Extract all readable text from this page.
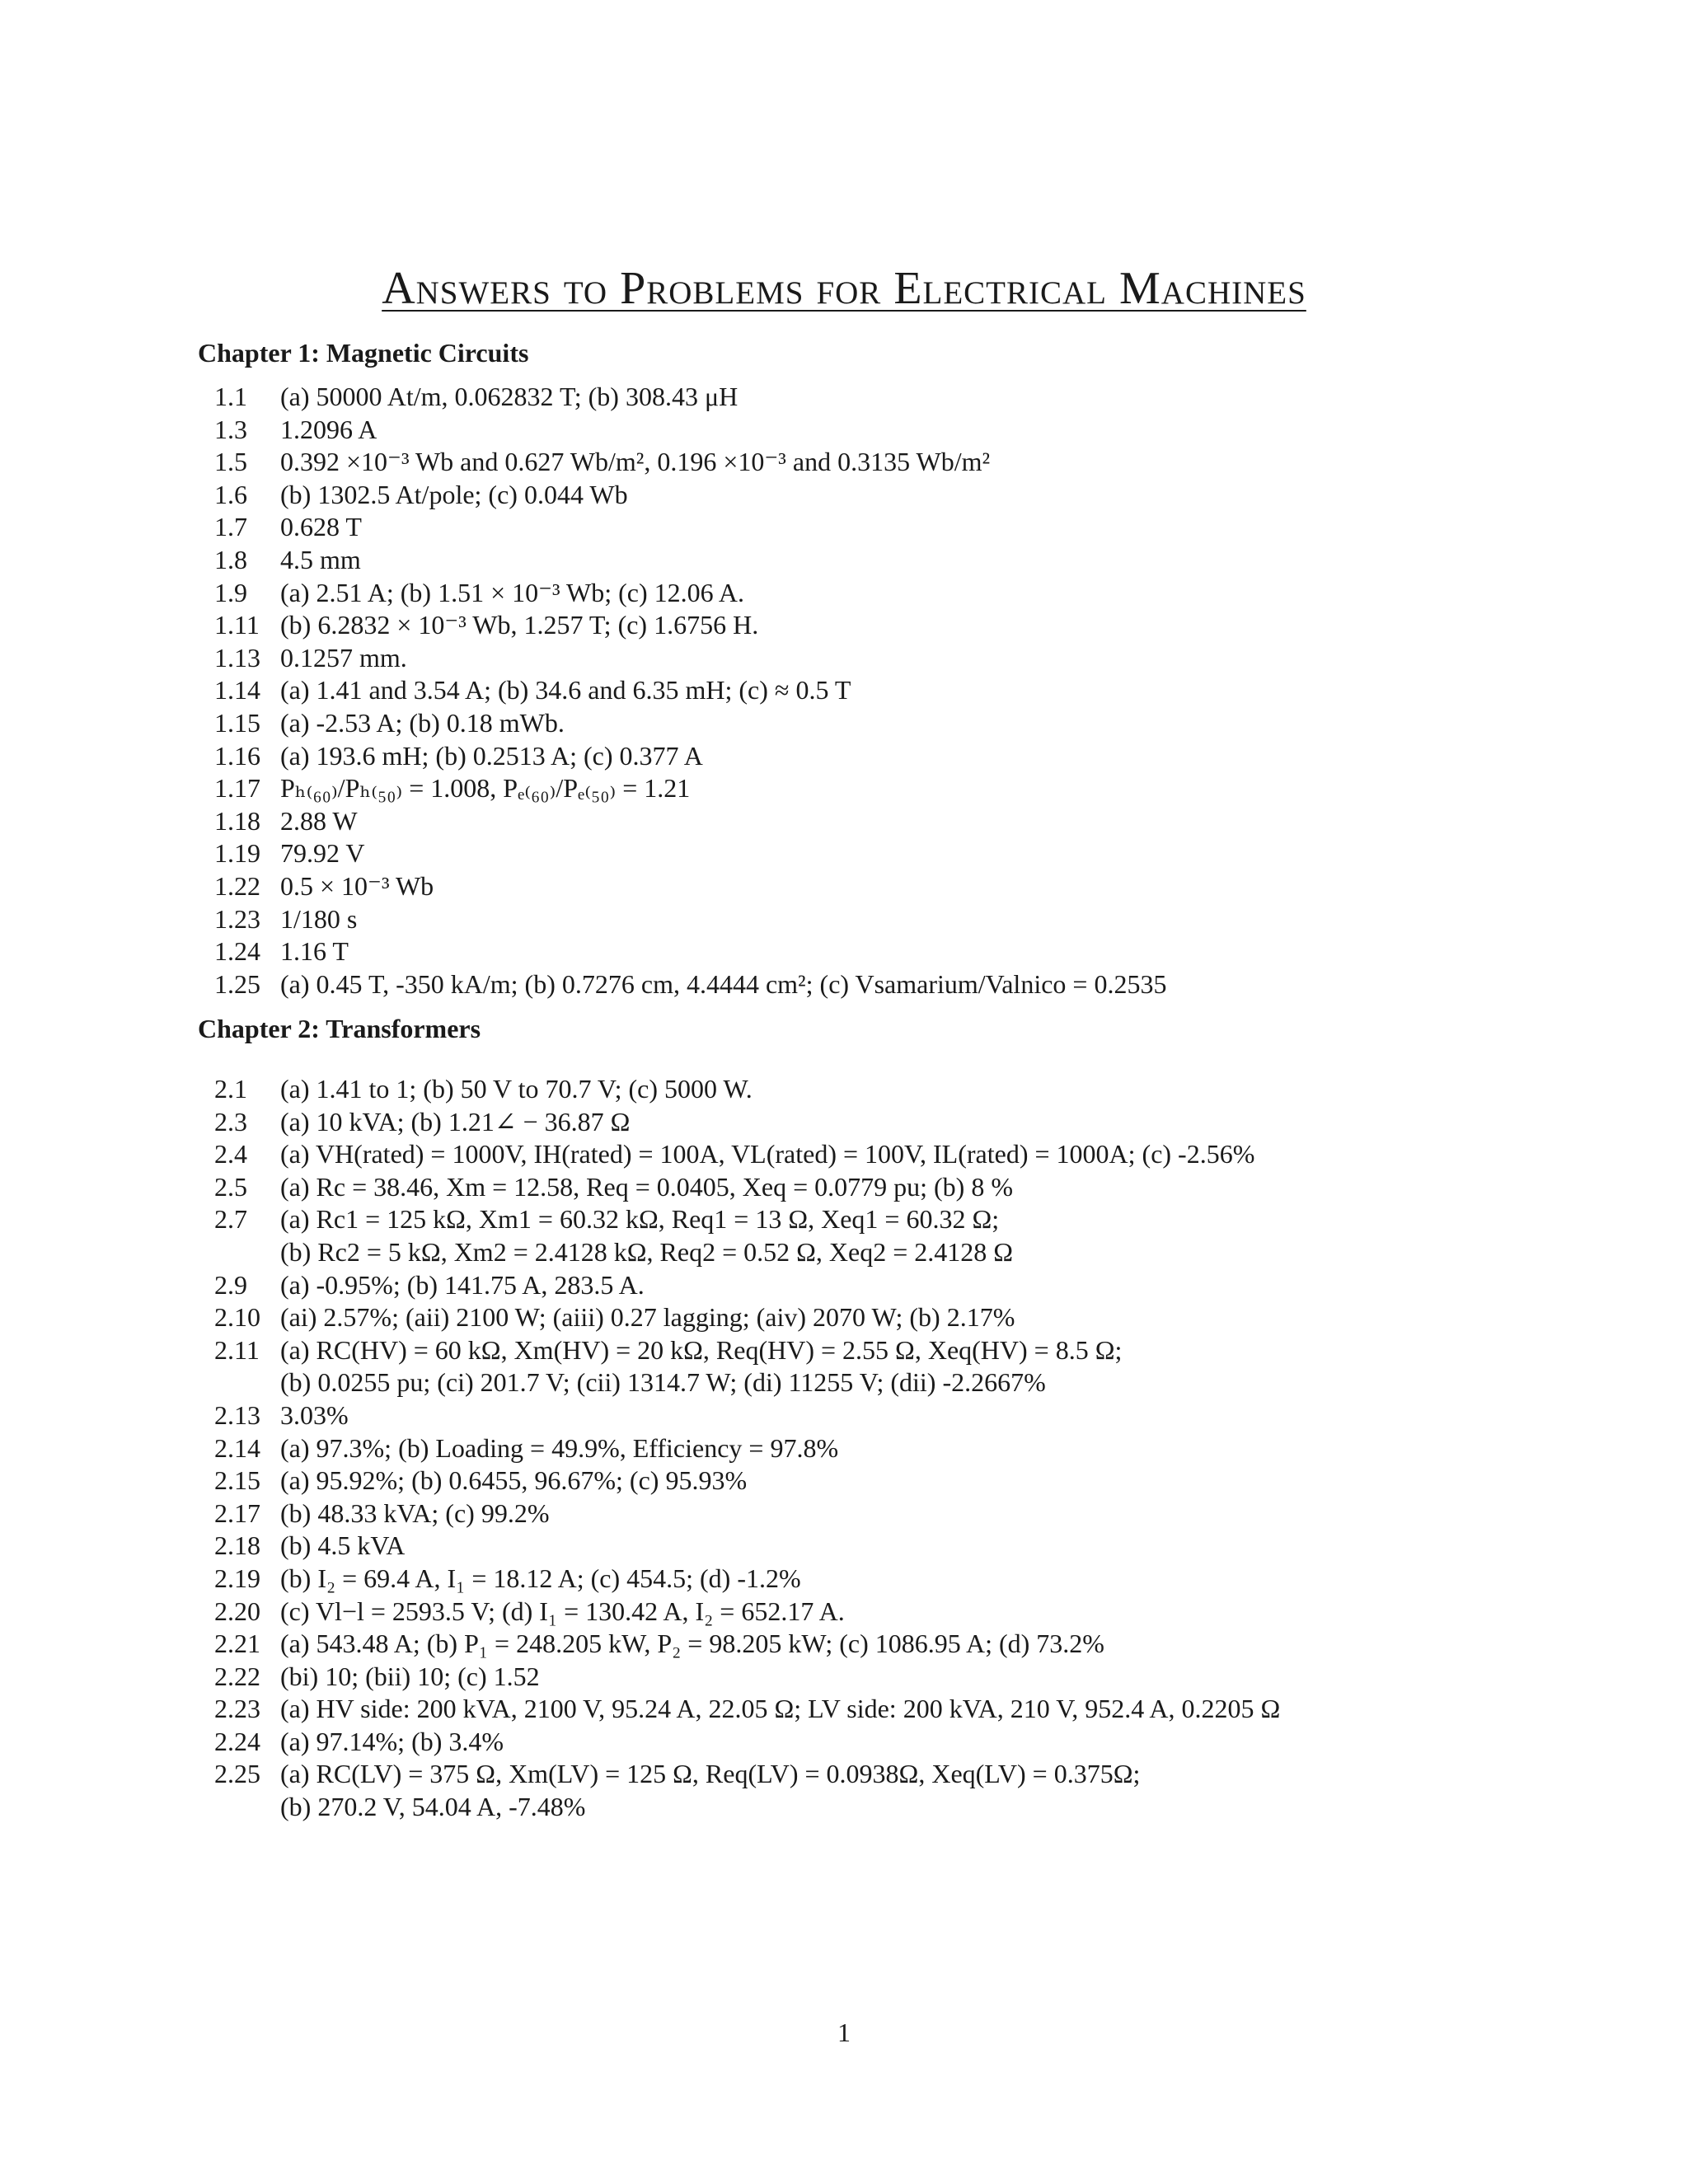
Answers to Problems for Electrical Machines
Chapter 1: Magnetic Circuits
1.1	(a) 50000 At/m, 0.062832 T; (b) 308.43 μH
1.3	1.2096 A
1.5	0.392 ×10⁻³ Wb and 0.627 Wb/m², 0.196 ×10⁻³ and 0.3135 Wb/m²
1.6	(b) 1302.5 At/pole; (c) 0.044 Wb
1.7	0.628 T
1.8	4.5 mm
1.9	(a) 2.51 A; (b) 1.51 × 10⁻³ Wb; (c) 12.06 A.
1.11 (b) 6.2832 × 10⁻³ Wb, 1.257 T; (c) 1.6756 H.
1.13 0.1257 mm.
1.14 (a) 1.41 and 3.54 A; (b) 34.6 and 6.35 mH; (c) ≈ 0.5 T
1.15 (a) -2.53 A; (b) 0.18 mWb.
1.16 (a) 193.6 mH; (b) 0.2513 A; (c) 0.377 A
1.17 Pₕ₍₆₀₎/Pₕ₍₅₀₎ = 1.008, Pₑ₍₆₀₎/Pₑ₍₅₀₎ = 1.21
1.18 2.88 W
1.19 79.92 V
1.22 0.5 × 10⁻³ Wb
1.23 1/180 s
1.24 1.16 T
1.25 (a) 0.45 T, -350 kA/m; (b) 0.7276 cm, 4.4444 cm²; (c) Vsamarium/Valnico = 0.2535
Chapter 2: Transformers
2.1	(a) 1.41 to 1; (b) 50 V to 70.7 V; (c) 5000 W.
2.3	(a) 10 kVA; (b) 1.21∠ − 36.87 Ω
2.4	(a) VH(rated) = 1000V, IH(rated) = 100A, VL(rated) = 100V, IL(rated) = 1000A; (c) -2.56%
2.5	(a) Rc = 38.46, Xm = 12.58, Req = 0.0405, Xeq = 0.0779 pu; (b) 8 %
2.7	(a) Rc1 = 125 kΩ, Xm1 = 60.32 kΩ, Req1 = 13 Ω, Xeq1 = 60.32 Ω;
(b) Rc2 = 5 kΩ, Xm2 = 2.4128 kΩ, Req2 = 0.52 Ω, Xeq2 = 2.4128 Ω
2.9	(a) -0.95%; (b) 141.75 A, 283.5 A.
2.10 (ai) 2.57%; (aii) 2100 W; (aiii) 0.27 lagging; (aiv) 2070 W; (b) 2.17%
2.11 (a) RC(HV) = 60 kΩ, Xm(HV) = 20 kΩ, Req(HV) = 2.55 Ω, Xeq(HV) = 8.5 Ω;
(b) 0.0255 pu; (ci) 201.7 V; (cii) 1314.7 W; (di) 11255 V; (dii) -2.2667%
2.13 3.03%
2.14 (a) 97.3%; (b) Loading = 49.9%, Efficiency = 97.8%
2.15 (a) 95.92%; (b) 0.6455, 96.67%; (c) 95.93%
2.17 (b) 48.33 kVA; (c) 99.2%
2.18 (b) 4.5 kVA
2.19 (b) I₂ = 69.4 A, I₁ = 18.12 A; (c) 454.5; (d) -1.2%
2.20 (c) Vl−l = 2593.5 V; (d) I₁ = 130.42 A, I₂ = 652.17 A.
2.21 (a) 543.48 A; (b) P₁ = 248.205 kW, P₂ = 98.205 kW; (c) 1086.95 A; (d) 73.2%
2.22 (bi) 10; (bii) 10; (c) 1.52
2.23 (a) HV side: 200 kVA, 2100 V, 95.24 A, 22.05 Ω; LV side: 200 kVA, 210 V, 952.4 A, 0.2205 Ω
2.24 (a) 97.14%; (b) 3.4%
2.25 (a) RC(LV) = 375 Ω, Xm(LV) = 125 Ω, Req(LV) = 0.0938Ω, Xeq(LV) = 0.375Ω;
(b) 270.2 V, 54.04 A, -7.48%
1
